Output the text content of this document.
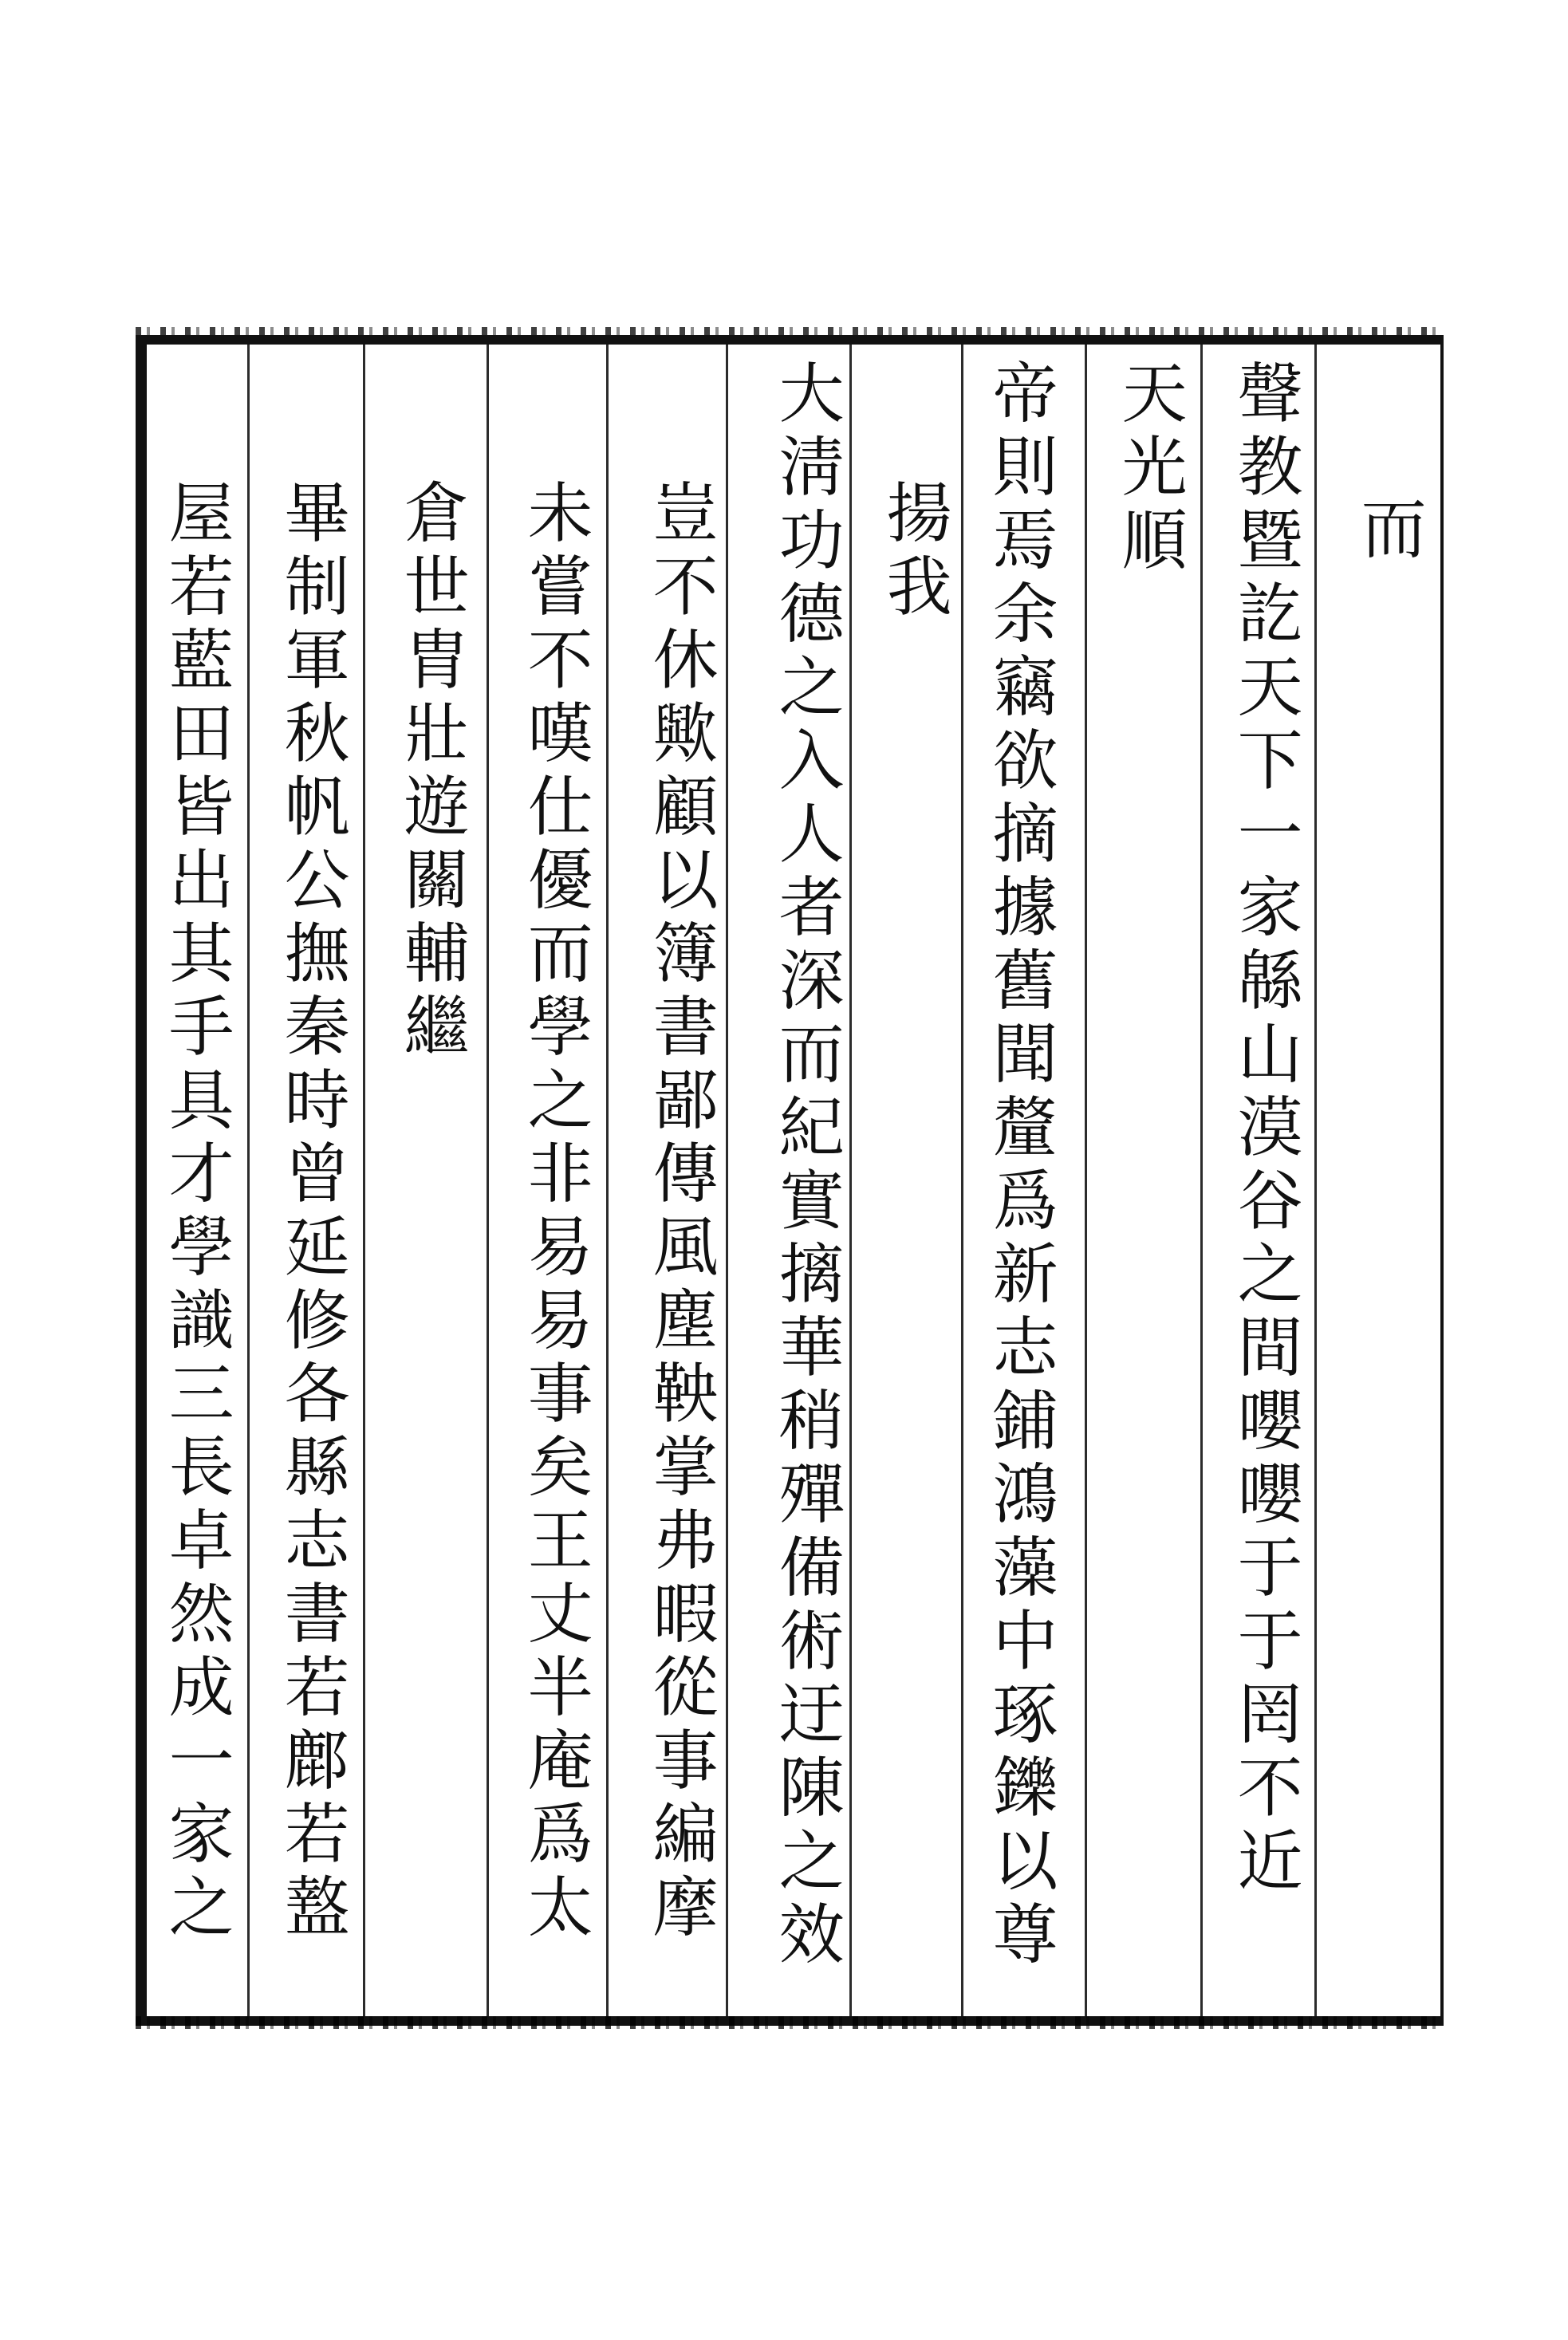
而
聲教暨訖天下一家緜山漠谷之間嚶嚶于于罔不近
天光順
帝則焉余竊欲摘據舊聞釐爲新志鋪鴻藻中琢鑠以尊
揚我
大淸功德之入人者深而紀實摛華稍殫備術迂陳之效
豈不休歟顧以簿書鄙傳風塵鞅掌弗暇從事編摩
未嘗不嘆仕優而學之非易易事矣王丈半庵爲太
倉世胄壯遊關輔繼
畢制軍秋帆公撫秦時曾延修各縣志書若鄜若盩
屋若藍田皆出其手具才學識三長卓然成一家之
